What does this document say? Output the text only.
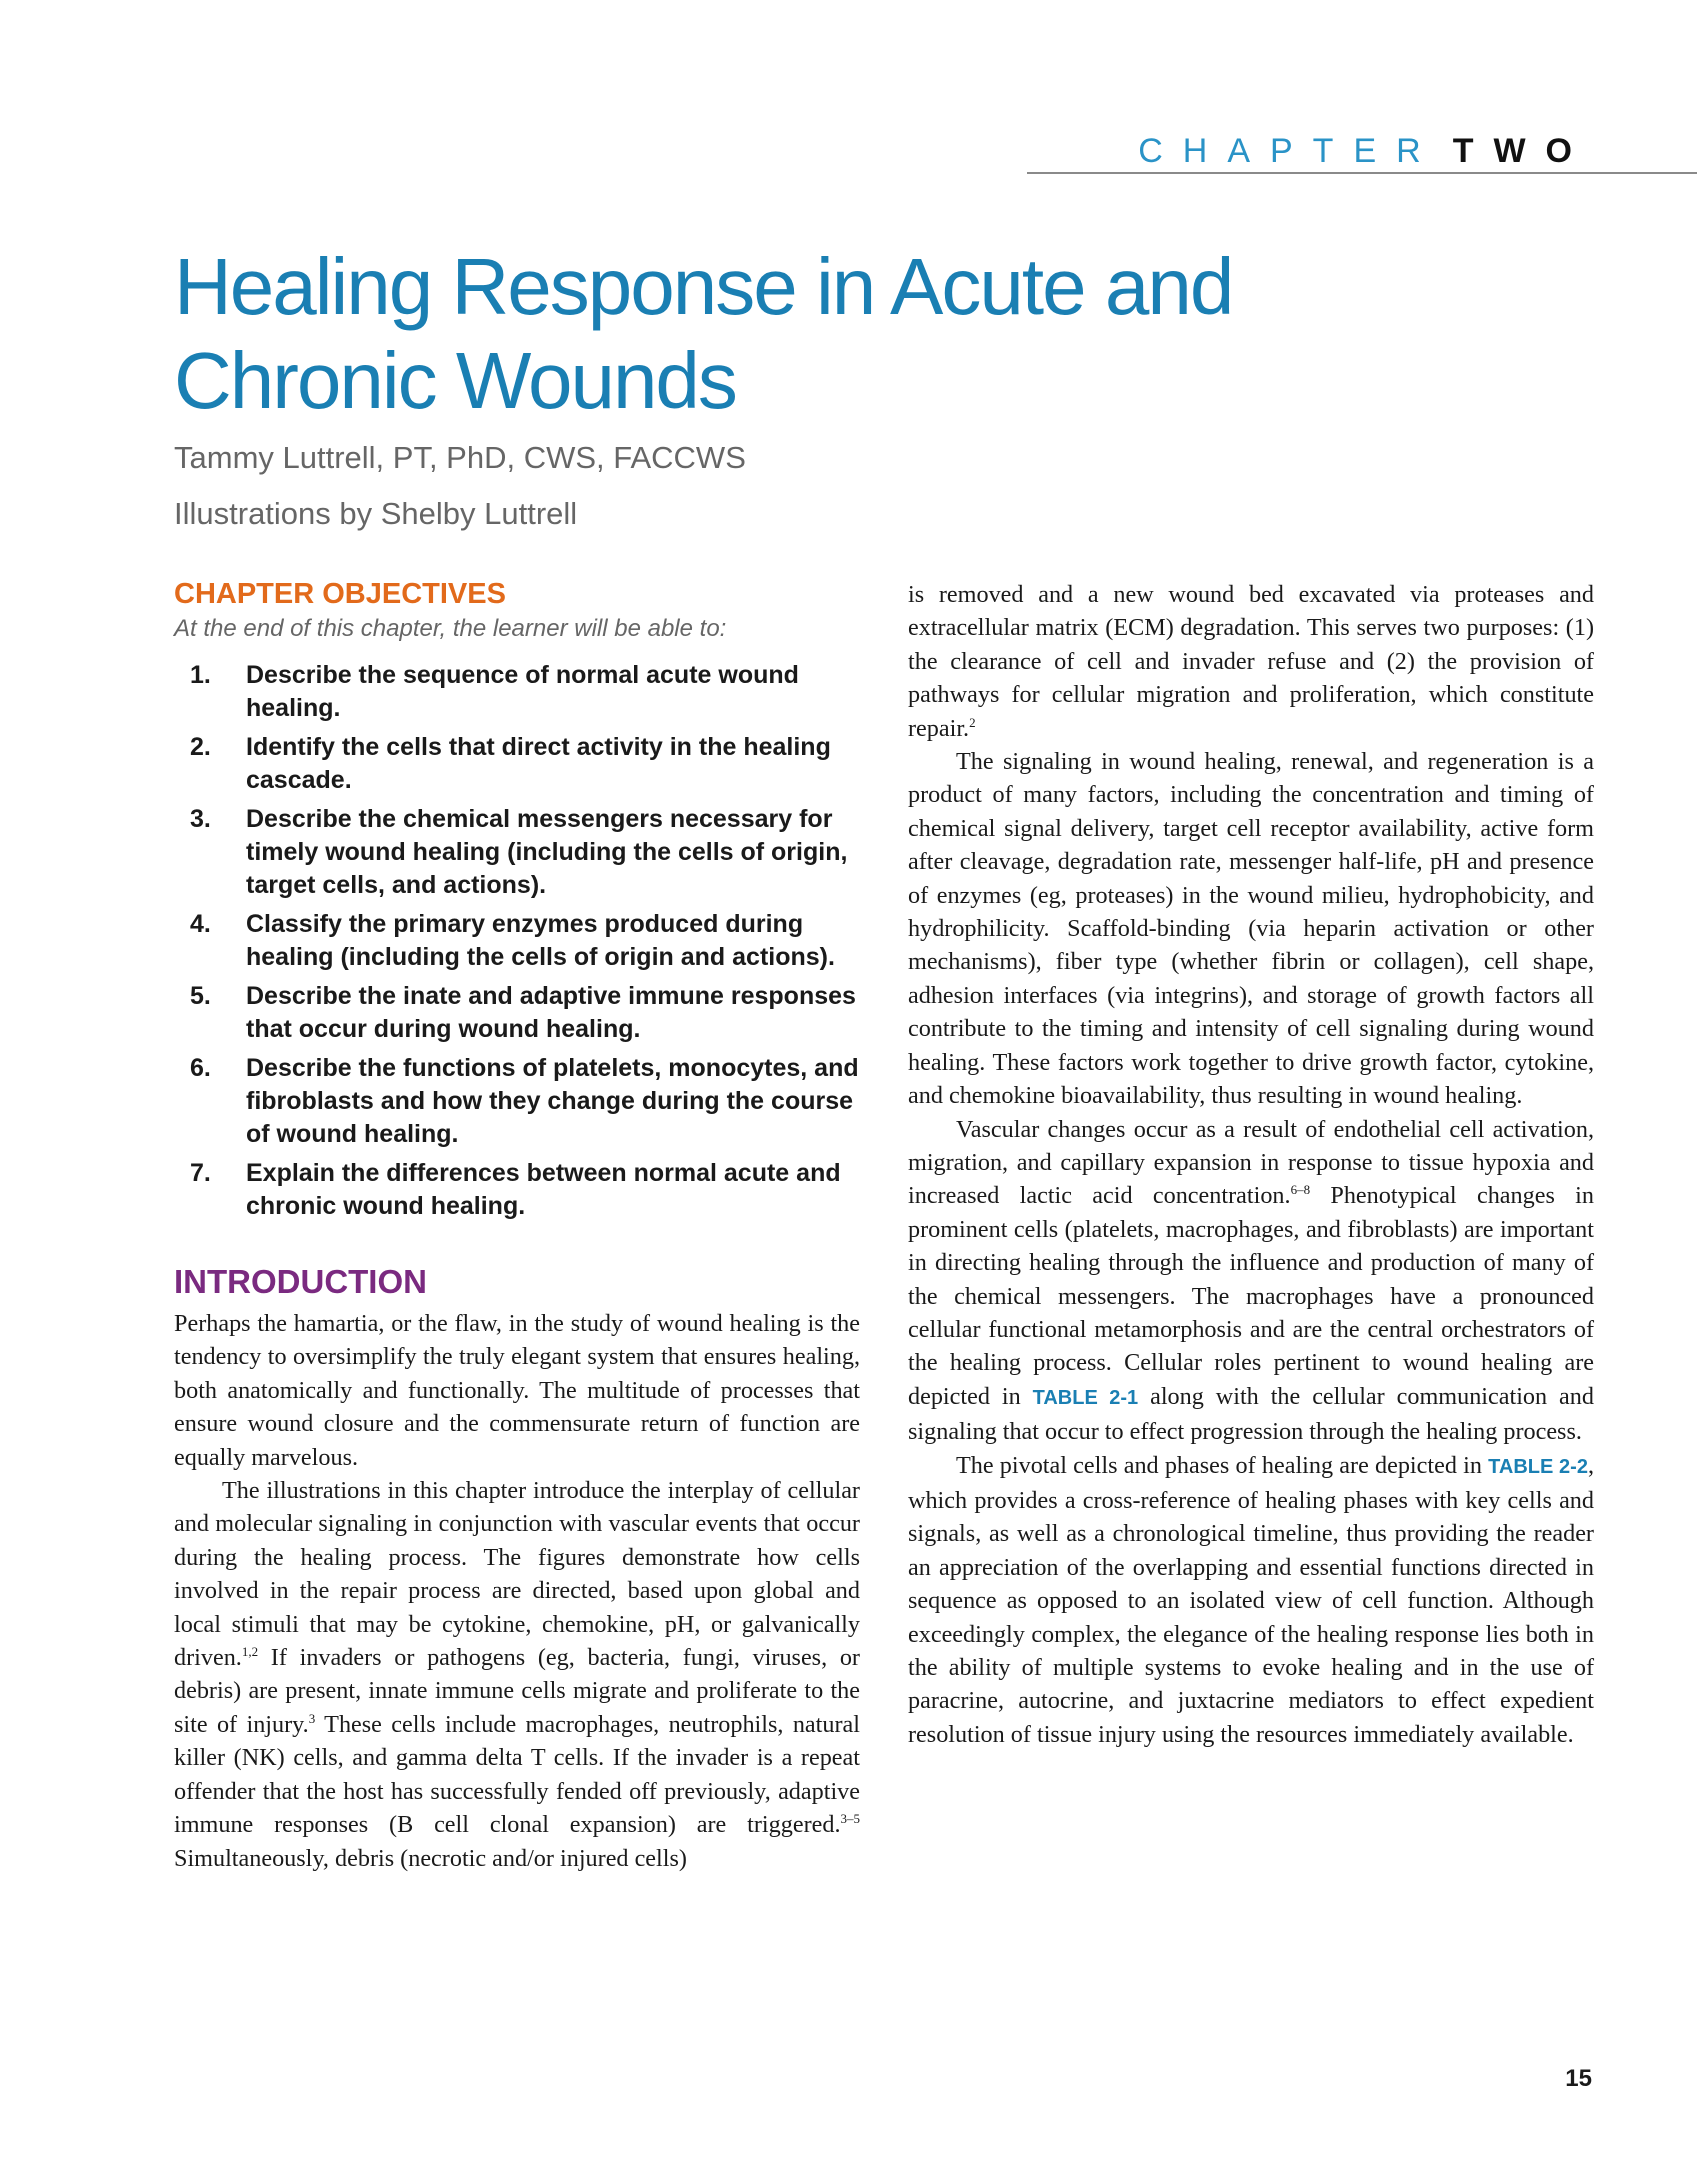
CHAPTER TWO
Healing Response in Acute and Chronic Wounds
Tammy Luttrell, PT, PhD, CWS, FACCWS
Illustrations by Shelby Luttrell
CHAPTER OBJECTIVES

At the end of this chapter, the learner will be able to:

1.	Describe the sequence of normal acute wound healing.
2.	Identify the cells that direct activity in the healing cascade.
3.	Describe the chemical messengers necessary for timely wound healing (including the cells of origin, target cells, and actions).
4.	Classify the primary enzymes produced during healing (including the cells of origin and actions).
5.	Describe the inate and adaptive immune responses that occur during wound healing.
6.	Describe the functions of platelets, monocytes, and fibroblasts and how they change during the course of wound healing.
7.	Explain the differences between normal acute and chronic wound healing.
INTRODUCTION

Perhaps the hamartia, or the flaw, in the study of wound healing is the tendency to oversimplify the truly elegant system that ensures healing, both anatomically and functionally. The multitude of processes that ensure wound closure and the commensurate return of function are equally marvelous.

The illustrations in this chapter introduce the interplay of cellular and molecular signaling in conjunction with vascular events that occur during the healing process. The figures demonstrate how cells involved in the repair process are directed, based upon global and local stimuli that may be cytokine, chemokine, pH, or galvanically driven.$^{1,2}$ If invaders or pathogens (eg, bacteria, fungi, viruses, or debris) are present, innate immune cells migrate and proliferate to the site of injury.$^3$ These cells include macrophages, neutrophils, natural killer (NK) cells, and gamma delta T cells. If the invader is a repeat offender that the host has successfully fended off previously, adaptive immune responses (B cell clonal expansion) are triggered.$^{3-5}$ Simultaneously, debris (necrotic and/or injured cells)

is removed and a new wound bed excavated via proteases and extracellular matrix (ECM) degradation. This serves two purposes: (1) the clearance of cell and invader refuse and (2) the provision of pathways for cellular migration and proliferation, which constitute repair.$^2$

The signaling in wound healing, renewal, and regeneration is a product of many factors, including the concentration and timing of chemical signal delivery, target cell receptor availability, active form after cleavage, degradation rate, messenger half-life, pH and presence of enzymes (eg, proteases) in the wound milieu, hydrophobicity, and hydrophilicity. Scaffold-binding (via heparin activation or other mechanisms), fiber type (whether fibrin or collagen), cell shape, adhesion interfaces (via integrins), and storage of growth factors all contribute to the timing and intensity of cell signaling during wound healing. These factors work together to drive growth factor, cytokine, and chemokine bioavailability, thus resulting in wound healing.

Vascular changes occur as a result of endothelial cell activation, migration, and capillary expansion in response to tissue hypoxia and increased lactic acid concentration.$^{6-8}$ Phenotypical changes in prominent cells (platelets, macrophages, and fibroblasts) are important in directing healing through the influence and production of many of the chemical messengers. The macrophages have a pronounced cellular functional metamorphosis and are the central orchestrators of the healing process. Cellular roles pertinent to wound healing are depicted in TABLE 2-1 along with the cellular communication and signaling that occur to effect progression through the healing process.

The pivotal cells and phases of healing are depicted in TABLE 2-2, which provides a cross-reference of healing phases with key cells and signals, as well as a chronological timeline, thus providing the reader an appreciation of the overlapping and essential functions directed in sequence as opposed to an isolated view of cell function. Although exceedingly complex, the elegance of the healing response lies both in the ability of multiple systems to evoke healing and in the use of paracrine, autocrine, and juxtacrine mediators to effect expedient resolution of tissue injury using the resources immediately available.

15
